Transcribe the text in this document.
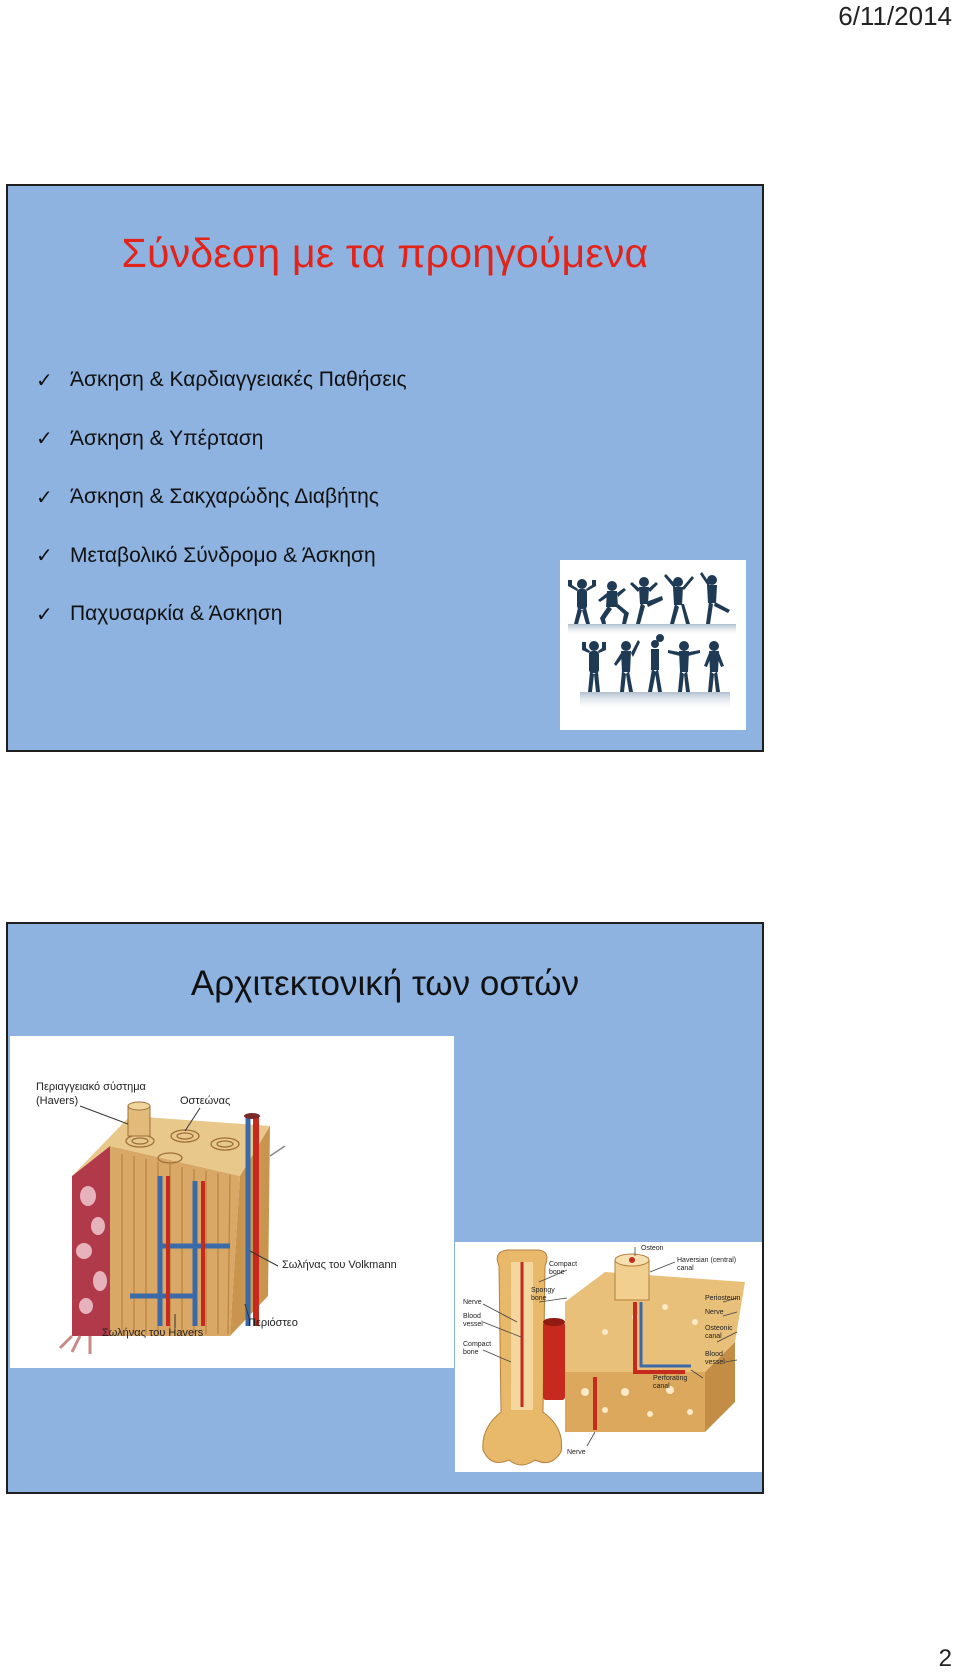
6/11/2014
Σύνδεση με τα προηγούμενα
✓ Άσκηση & Καρδιαγγειακές Παθήσεις
✓ Άσκηση & Υπέρταση
✓ Άσκηση & Σακχαρώδης Διαβήτης
✓ Μεταβολικό Σύνδρομο & Άσκηση
✓ Παχυσαρκία & Άσκηση
Αρχιτεκτονική των οστών
Περιαγγειακό σύστημα
(Havers)	Οστεώνας
Σωλήνας του Volkmann
Περιόστεο
Σωλήνας του Havers
Osteon
Haversian (central)
canal
Compact
bone
Spongy
bone
Nerve
Blood
vessel
Compact
bone
Periosteum
Nerve
Osteonic
canal
Blood
vessel
Perforating
canal
Nerve
2
